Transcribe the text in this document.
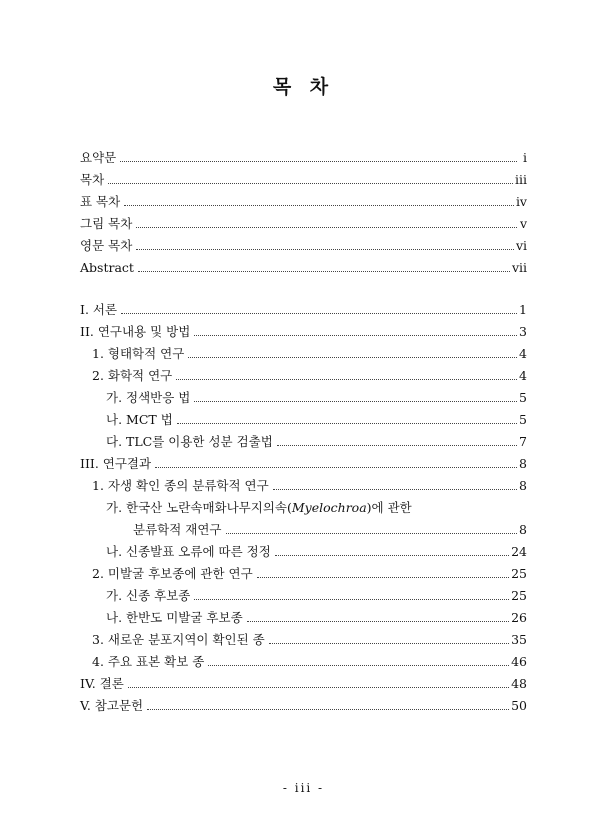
목 차
요약문	i
목차	iii
표 목차	iv
그림 목차	v
영문 목차	vi
Abstract	vii
I. 서론	1
II. 연구내용 및 방법	3
1. 형태학적 연구	4
2. 화학적 연구	4
가. 정색반응 법	5
나. MCT 법	5
다. TLC를 이용한 성분 검출법	7
III. 연구결과	8
1. 자생 확인 종의 분류학적 연구	8
가. 한국산 노란속매화나무지의속(Myelochroa)에 관한
분류학적 재연구	8
나. 신종발표 오류에 따른 정정	24
2. 미발굴 후보종에 관한 연구	25
가. 신종 후보종	25
나. 한반도 미발굴 후보종	26
3. 새로운 분포지역이 확인된 종	35
4. 주요 표본 확보 종	46
IV. 결론	48
V. 참고문헌	50
- iii -
